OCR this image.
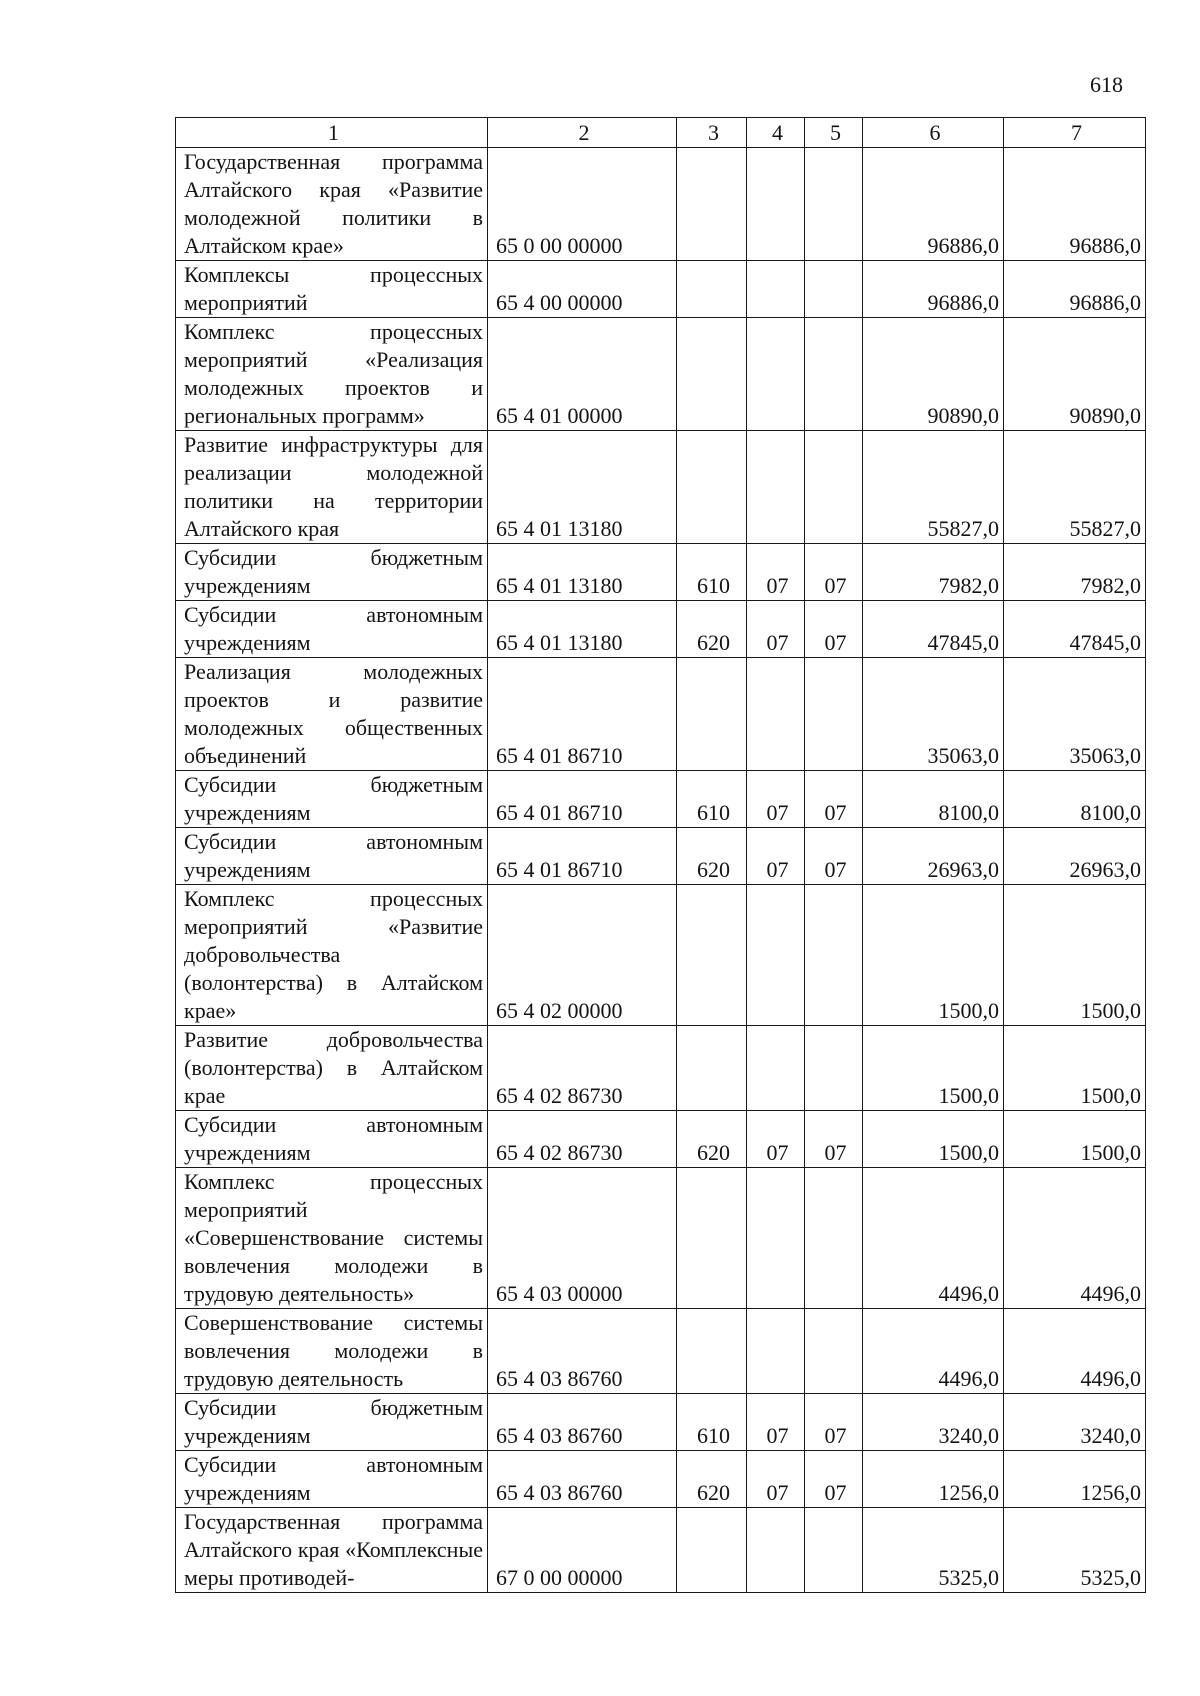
618
1	2	3	4	5	6	7
Государственная программа Алтайского края «Развитие молодежной политики в Алтайском крае»	65 0 00 00000				96886,0	96886,0
Комплексы процессных мероприятий	65 4 00 00000				96886,0	96886,0
Комплекс процессных мероприятий «Реализация молодежных проектов и региональных программ»	65 4 01 00000				90890,0	90890,0
Развитие инфраструктуры для реализации молодежной политики на территории Алтайского края	65 4 01 13180				55827,0	55827,0
Субсидии бюджетным учреждениям	65 4 01 13180	610	07	07	7982,0	7982,0
Субсидии автономным учреждениям	65 4 01 13180	620	07	07	47845,0	47845,0
Реализация молодежных проектов и развитие молодежных общественных объединений	65 4 01 86710				35063,0	35063,0
Субсидии бюджетным учреждениям	65 4 01 86710	610	07	07	8100,0	8100,0
Субсидии автономным учреждениям	65 4 01 86710	620	07	07	26963,0	26963,0
Комплекс процессных мероприятий «Развитие добровольчества (волонтерства) в Алтайском крае»	65 4 02 00000				1500,0	1500,0
Развитие добровольчества (волонтерства) в Алтайском крае	65 4 02 86730				1500,0	1500,0
Субсидии автономным учреждениям	65 4 02 86730	620	07	07	1500,0	1500,0
Комплекс процессных мероприятий «Совершенствование системы вовлечения молодежи в трудовую деятельность»	65 4 03 00000				4496,0	4496,0
Совершенствование системы вовлечения молодежи в трудовую деятельность	65 4 03 86760				4496,0	4496,0
Субсидии бюджетным учреждениям	65 4 03 86760	610	07	07	3240,0	3240,0
Субсидии автономным учреждениям	65 4 03 86760	620	07	07	1256,0	1256,0
Государственная программа Алтайского края «Комплексные меры противодей-	67 0 00 00000				5325,0	5325,0
